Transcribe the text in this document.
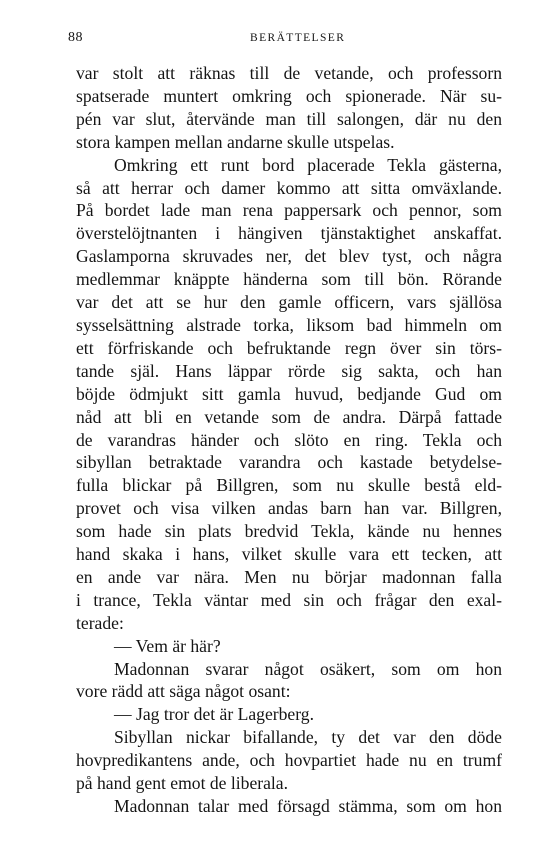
88	BERÄTTELSER
var stolt att räknas till de vetande, och professorn
spatserade muntert omkring och spionerade. När su-
pén var slut, återvände man till salongen, där nu den
stora kampen mellan andarne skulle utspelas.
Omkring ett runt bord placerade Tekla gästerna,
så att herrar och damer kommo att sitta omväxlande.
På bordet lade man rena pappersark och pennor, som
överstelöjtnanten i hängiven tjänstaktighet anskaffat.
Gaslamporna skruvades ner, det blev tyst, och några
medlemmar knäppte händerna som till bön. Rörande
var det att se hur den gamle officern, vars själlösa
sysselsättning alstrade torka, liksom bad himmeln om
ett förfriskande och befruktande regn över sin törs-
tande själ. Hans läppar rörde sig sakta, och han
böjde ödmjukt sitt gamla huvud, bedjande Gud om
nåd att bli en vetande som de andra. Därpå fattade
de varandras händer och slöto en ring. Tekla och
sibyllan betraktade varandra och kastade betydelse-
fulla blickar på Billgren, som nu skulle bestå eld-
provet och visa vilken andas barn han var. Billgren,
som hade sin plats bredvid Tekla, kände nu hennes
hand skaka i hans, vilket skulle vara ett tecken, att
en ande var nära. Men nu börjar madonnan falla
i trance, Tekla väntar med sin och frågar den exal-
terade:
— Vem är här?
Madonnan svarar något osäkert, som om hon
vore rädd att säga något osant:
— Jag tror det är Lagerberg.
Sibyllan nickar bifallande, ty det var den döde
hovpredikantens ande, och hovpartiet hade nu en trumf
på hand gent emot de liberala.
Madonnan talar med försagd stämma, som om hon
